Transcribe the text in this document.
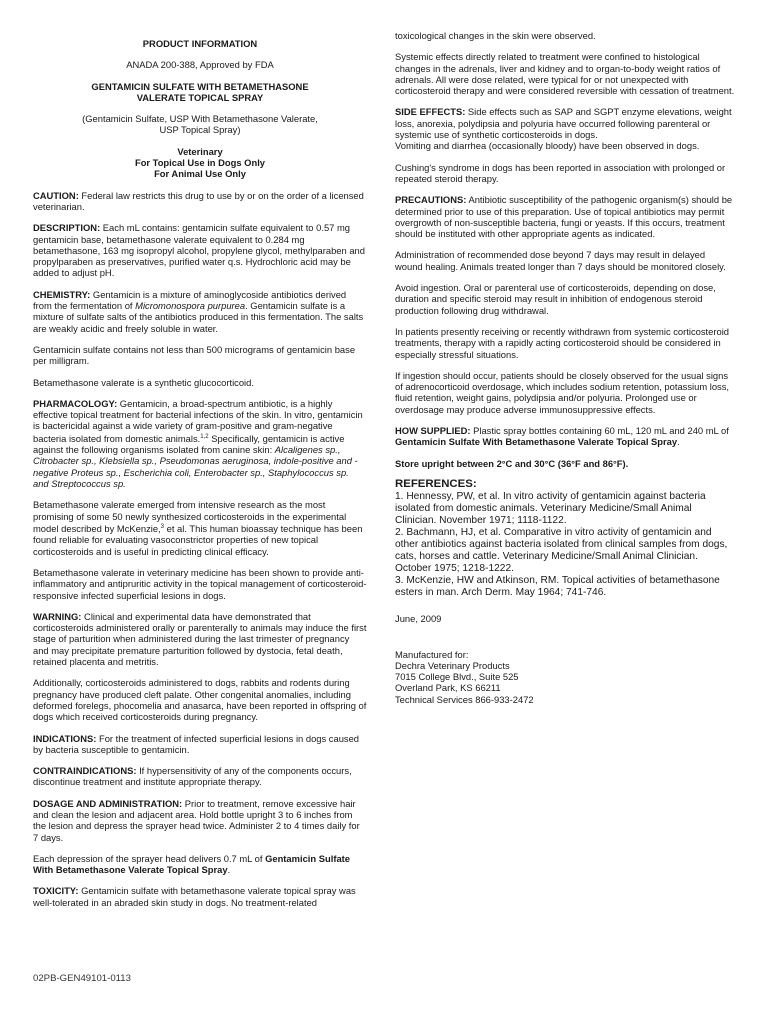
PRODUCT INFORMATION
ANADA 200-388, Approved by FDA
GENTAMICIN SULFATE WITH BETAMETHASONE
VALERATE TOPICAL SPRAY
(Gentamicin Sulfate, USP With Betamethasone Valerate,
USP Topical Spray)
Veterinary
For Topical Use in Dogs Only
For Animal Use Only

CAUTION: Federal law restricts this drug to use by or on the order of a licensed veterinarian.

DESCRIPTION: Each mL contains: gentamicin sulfate equivalent to 0.57 mg gentamicin base, betamethasone valerate equivalent to 0.284 mg betamethasone, 163 mg isopropyl alcohol, propylene glycol, methylparaben and propylparaben as preservatives, purified water q.s. Hydrochloric acid may be added to adjust pH.

CHEMISTRY: Gentamicin is a mixture of aminoglycoside antibiotics derived from the fermentation of Micromonospora purpurea. Gentamicin sulfate is a mixture of sulfate salts of the antibiotics produced in this fermentation. The salts are weakly acidic and freely soluble in water.

Gentamicin sulfate contains not less than 500 micrograms of gentamicin base per milligram.

Betamethasone valerate is a synthetic glucocorticoid.

PHARMACOLOGY: Gentamicin, a broad-spectrum antibiotic, is a highly effective topical treatment for bacterial infections of the skin. In vitro, gentamicin is bactericidal against a wide variety of gram-positive and gram-negative bacteria isolated from domestic animals.$^{1,2}$ Specifically, gentamicin is active against the following organisms isolated from canine skin: Alcaligenes sp., Citrobacter sp., Klebsiella sp., Pseudomonas aeruginosa, indole-positive and -negative Proteus sp., Escherichia coli, Enterobacter sp., Staphylococcus sp. and Streptococcus sp.

Betamethasone valerate emerged from intensive research as the most promising of some 50 newly synthesized corticosteroids in the experimental model described by McKenzie,$^3$ et al. This human bioassay technique has been found reliable for evaluating vasoconstrictor properties of new topical corticosteroids and is useful in predicting clinical efficacy.

Betamethasone valerate in veterinary medicine has been shown to provide anti-inflammatory and antipruritic activity in the topical management of corticosteroid-responsive infected superficial lesions in dogs.

WARNING: Clinical and experimental data have demonstrated that corticosteroids administered orally or parenterally to animals may induce the first stage of parturition when administered during the last trimester of pregnancy and may precipitate premature parturition followed by dystocia, fetal death, retained placenta and metritis.

Additionally, corticosteroids administered to dogs, rabbits and rodents during pregnancy have produced cleft palate. Other congenital anomalies, including deformed forelegs, phocomelia and anasarca, have been reported in offspring of dogs which received corticosteroids during pregnancy.

INDICATIONS: For the treatment of infected superficial lesions in dogs caused by bacteria susceptible to gentamicin.

CONTRAINDICATIONS: If hypersensitivity of any of the components occurs, discontinue treatment and institute appropriate therapy.

DOSAGE AND ADMINISTRATION: Prior to treatment, remove excessive hair and clean the lesion and adjacent area. Hold bottle upright 3 to 6 inches from the lesion and depress the sprayer head twice. Administer 2 to 4 times daily for 7 days.

Each depression of the sprayer head delivers 0.7 mL of Gentamicin Sulfate With Betamethasone Valerate Topical Spray.

TOXICITY: Gentamicin sulfate with betamethasone valerate topical spray was well-tolerated in an abraded skin study in dogs. No treatment-related

toxicological changes in the skin were observed.

Systemic effects directly related to treatment were confined to histological changes in the adrenals, liver and kidney and to organ-to-body weight ratios of adrenals. All were dose related, were typical for or not unexpected with corticosteroid therapy and were considered reversible with cessation of treatment.

SIDE EFFECTS: Side effects such as SAP and SGPT enzyme elevations, weight loss, anorexia, polydipsia and polyuria have occurred following parenteral or systemic use of synthetic corticosteroids in dogs.

Vomiting and diarrhea (occasionally bloody) have been observed in dogs.

Cushing's syndrome in dogs has been reported in association with prolonged or repeated steroid therapy.

PRECAUTIONS: Antibiotic susceptibility of the pathogenic organism(s) should be determined prior to use of this preparation. Use of topical antibiotics may permit overgrowth of non-susceptible bacteria, fungi or yeasts. If this occurs, treatment should be instituted with other appropriate agents as indicated.

Administration of recommended dose beyond 7 days may result in delayed wound healing. Animals treated longer than 7 days should be monitored closely.

Avoid ingestion. Oral or parenteral use of corticosteroids, depending on dose, duration and specific steroid may result in inhibition of endogenous steroid production following drug withdrawal.

In patients presently receiving or recently withdrawn from systemic corticosteroid treatments, therapy with a rapidly acting corticosteroid should be considered in especially stressful situations.

If ingestion should occur, patients should be closely observed for the usual signs of adrenocorticoid overdosage, which includes sodium retention, potassium loss, fluid retention, weight gains, polydipsia and/or polyuria. Prolonged use or overdosage may produce adverse immunosuppressive effects.

HOW SUPPLIED: Plastic spray bottles containing 60 mL, 120 mL and 240 mL of Gentamicin Sulfate With Betamethasone Valerate Topical Spray.

Store upright between 2°C and 30°C (36°F and 86°F).

REFERENCES:
1. Hennessy, PW, et al. In vitro activity of gentamicin against bacteria isolated from domestic animals. Veterinary Medicine/Small Animal Clinician. November 1971; 1118-1122.
2. Bachmann, HJ, et al. Comparative in vitro activity of gentamicin and other antibiotics against bacteria isolated from clinical samples from dogs, cats, horses and cattle. Veterinary Medicine/Small Animal Clinician. October 1975; 1218-1222.
3. McKenzie, HW and Atkinson, RM. Topical activities of betamethasone esters in man. Arch Derm. May 1964; 741-746.

June, 2009

Manufactured for:
Dechra Veterinary Products
7015 College Blvd., Suite 525
Overland Park, KS 66211
Technical Services 866-933-2472
02PB-GEN49101-0113
